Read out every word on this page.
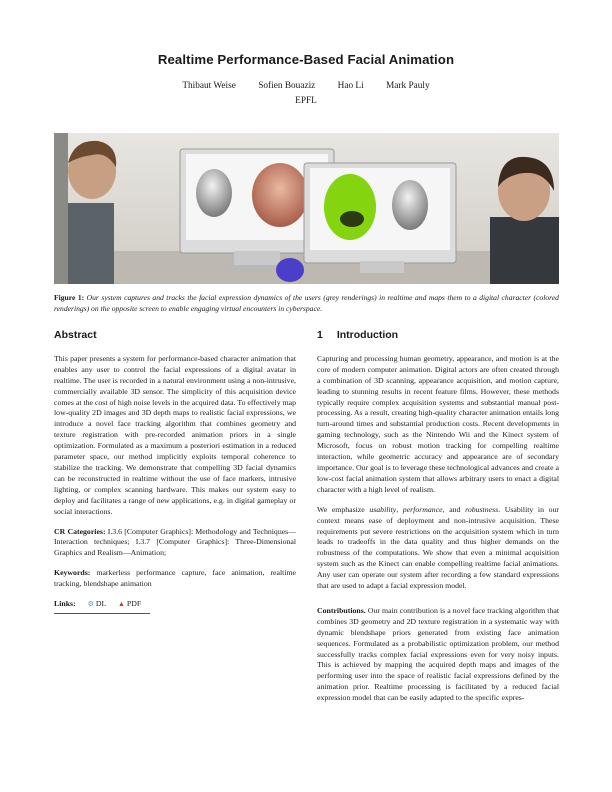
Realtime Performance-Based Facial Animation
Thibaut Weise Sofien Bouaziz Hao Li Mark Pauly
EPFL
Figure 1: Our system captures and tracks the facial expression dynamics of the users (grey renderings) in realtime and maps them to a digital character (colored renderings) on the opposite screen to enable engaging virtual encounters in cyberspace.
Abstract

This paper presents a system for performance-based character animation that enables any user to control the facial expressions of a digital avatar in realtime. The user is recorded in a natural environment using a non-intrusive, commercially available 3D sensor. The simplicity of this acquisition device comes at the cost of high noise levels in the acquired data. To effectively map low-quality 2D images and 3D depth maps to realistic facial expressions, we introduce a novel face tracking algorithm that combines geometry and texture registration with pre-recorded animation priors in a single optimization. Formulated as a maximum a posteriori estimation in a reduced parameter space, our method implicitly exploits temporal coherence to stabilize the tracking. We demonstrate that compelling 3D facial dynamics can be reconstructed in realtime without the use of face markers, intrusive lighting, or complex scanning hardware. This makes our system easy to deploy and facilitates a range of new applications, e.g. in digital gameplay or social interactions.

CR Categories: I.3.6 [Computer Graphics]: Methodology and Techniques—Interaction techniques; I.3.7 [Computer Graphics]: Three-Dimensional Graphics and Realism—Animation;

Keywords: markerless performance capture, face animation, realtime tracking, blendshape animation

Links: ⚙ DL ▲ PDF
1 Introduction

Capturing and processing human geometry, appearance, and motion is at the core of modern computer animation. Digital actors are often created through a combination of 3D scanning, appearance acquisition, and motion capture, leading to stunning results in recent feature films. However, these methods typically require complex acquisition systems and substantial manual post-processing. As a result, creating high-quality character animation entails long turn-around times and substantial production costs. Recent developments in gaming technology, such as the Nintendo Wii and the Kinect system of Microsoft, focus on robust motion tracking for compelling realtime interaction, while geometric accuracy and appearance are of secondary importance. Our goal is to leverage these technological advances and create a low-cost facial animation system that allows arbitrary users to enact a digital character with a high level of realism.

We emphasize usability, performance, and robustness. Usability in our context means ease of deployment and non-intrusive acquisition. These requirements put severe restrictions on the acquisition system which in turn leads to tradeoffs in the data quality and thus higher demands on the robustness of the computations. We show that even a minimal acquisition system such as the Kinect can enable compelling realtime facial animations. Any user can operate our system after recording a few standard expressions that are used to adapt a facial expression model.

Contributions. Our main contribution is a novel face tracking algorithm that combines 3D geometry and 2D texture registration in a systematic way with dynamic blendshape priors generated from existing face animation sequences. Formulated as a probabilistic optimization problem, our method successfully tracks complex facial expressions even for very noisy inputs. This is achieved by mapping the acquired depth maps and images of the performing user into the space of realistic facial expressions defined by the animation prior. Realtime processing is facilitated by a reduced facial expression model that can be easily adapted to the specific expres-
